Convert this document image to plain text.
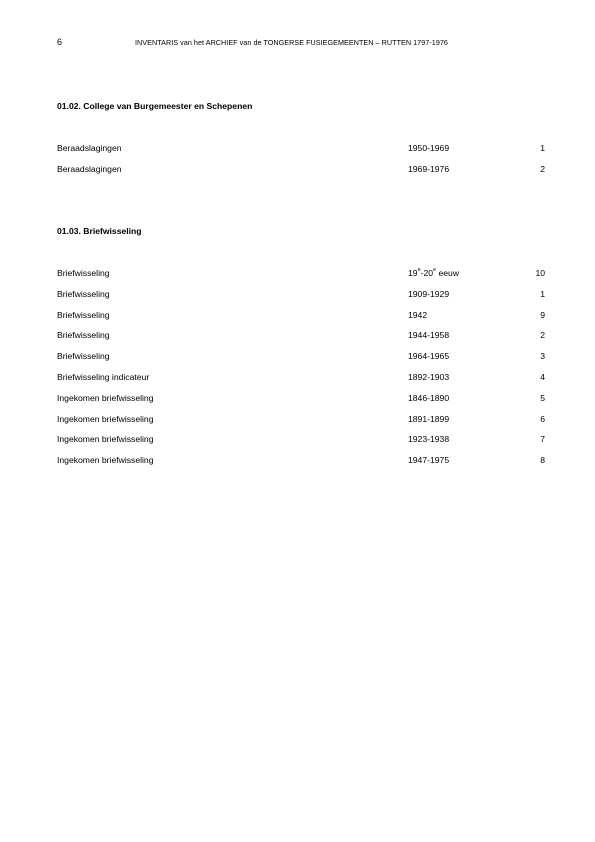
6	INVENTARIS van het ARCHIEF van de TONGERSE FUSIEGEMEENTEN – RUTTEN 1797-1976
01.02. College van Burgemeester en Schepenen
Beraadslagingen	1950-1969	1
Beraadslagingen	1969-1976	2
01.03. Briefwisseling
Briefwisseling	19e-20e eeuw	10
Briefwisseling	1909-1929	1
Briefwisseling	1942	9
Briefwisseling	1944-1958	2
Briefwisseling	1964-1965	3
Briefwisseling indicateur	1892-1903	4
Ingekomen briefwisseling	1846-1890	5
Ingekomen briefwisseling	1891-1899	6
Ingekomen briefwisseling	1923-1938	7
Ingekomen briefwisseling	1947-1975	8
